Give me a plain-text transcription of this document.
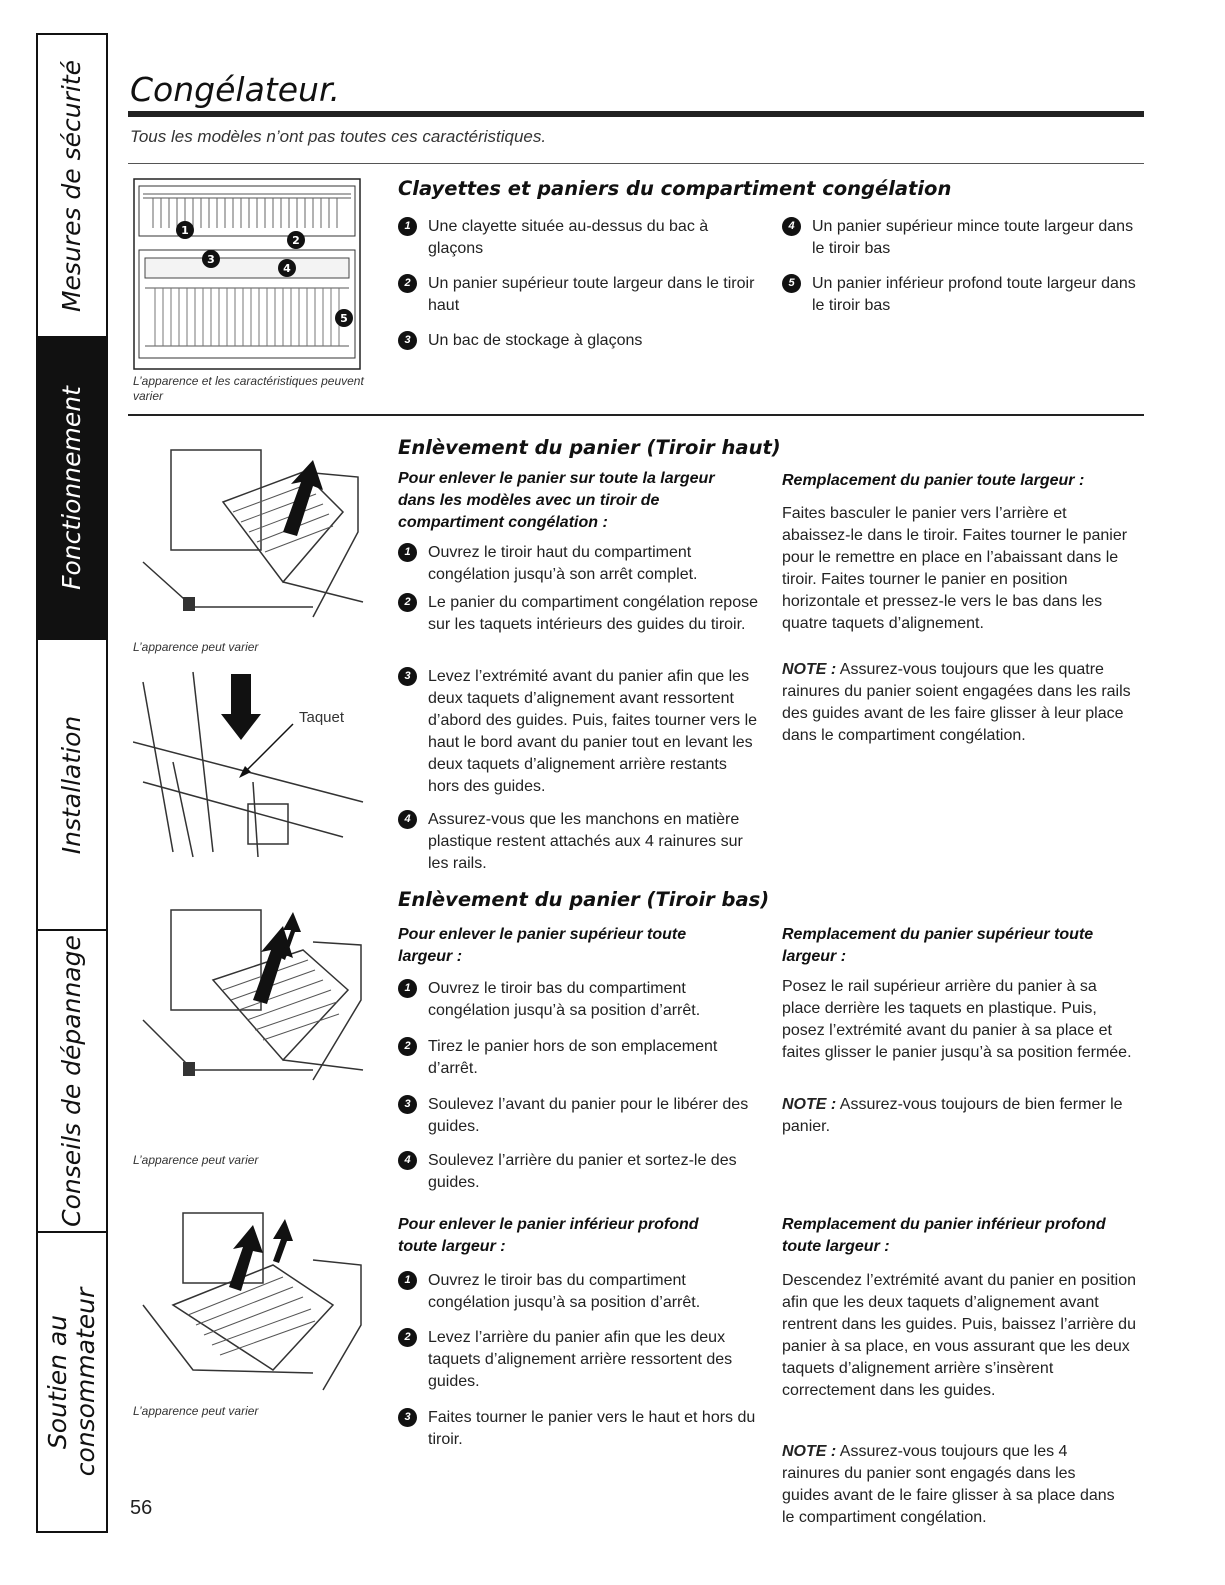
Mesures de sécurité
Fonctionnement
Installation
Conseils de dépannage
Soutien au consommateur
Congélateur.
Tous les modèles n’ont pas toutes ces caractéristiques.
1
2
3
4
5
L’apparence et les caractéristiques peuvent varier
Clayettes et paniers du compartiment congélation
1	Une clayette située au-dessus du bac à glaçons
2	Un panier supérieur toute largeur dans le tiroir haut
3	Un bac de stockage à glaçons
4	Un panier supérieur mince toute largeur dans le tiroir bas
5	Un panier inférieur profond toute largeur dans le tiroir bas
L’apparence peut varier
Taquet
Enlèvement du panier (Tiroir haut)
Pour enlever le panier sur toute la largeur dans les modèles avec un tiroir de compartiment congélation :
1	Ouvrez le tiroir haut du compartiment congélation jusqu’à son arrêt complet.
2	Le panier du compartiment congélation repose sur les taquets intérieurs des guides du tiroir.
3	Levez l’extrémité avant du panier afin que les deux taquets d’alignement avant ressortent d’abord des guides. Puis, faites tourner vers le haut le bord avant du panier tout en levant les deux taquets d’alignement arrière restants hors des guides.
4	Assurez-vous que les manchons en matière plastique restent attachés aux 4 rainures sur les rails.
Remplacement du panier toute largeur :
Faites basculer le panier vers l’arrière et abaissez-le dans le tiroir. Faites tourner le panier pour le remettre en place en l’abaissant dans le tiroir. Faites tourner le panier en position horizontale et pressez-le vers le bas dans les quatre taquets d’alignement.
NOTE : Assurez-vous toujours que les quatre rainures du panier soient engagées dans les rails des guides avant de les faire glisser à leur place dans le compartiment congélation.
L’apparence peut varier
L’apparence peut varier
Enlèvement du panier (Tiroir bas)
Pour enlever le panier supérieur toute largeur :
1	Ouvrez le tiroir bas du compartiment congélation jusqu’à sa position d’arrêt.
2	Tirez le panier hors de son emplacement d’arrêt.
3	Soulevez l’avant du panier pour le libérer des guides.
4	Soulevez l’arrière du panier et sortez-le des guides.
Remplacement du panier supérieur toute largeur :
Posez le rail supérieur arrière du panier à sa place derrière les taquets en plastique. Puis, posez l’extrémité avant du panier à sa place et faites glisser le panier jusqu’à sa position fermée.
NOTE : Assurez-vous toujours de bien fermer le panier.
Pour enlever le panier inférieur profond toute largeur :
1	Ouvrez le tiroir bas du compartiment congélation jusqu’à sa position d’arrêt.
2	Levez l’arrière du panier afin que les deux taquets d’alignement arrière ressortent des guides.
3	Faites tourner le panier vers le haut et hors du tiroir.
Remplacement du panier inférieur profond toute largeur :
Descendez l’extrémité avant du panier en position afin que les deux taquets d’alignement avant rentrent dans les guides. Puis, baissez l’arrière du panier à sa place, en vous assurant que les deux taquets d’alignement arrière s’insèrent correctement dans les guides.
NOTE : Assurez-vous toujours que les 4 rainures du panier sont engagés dans les guides avant de le faire glisser à sa place dans le compartiment congélation.
56
